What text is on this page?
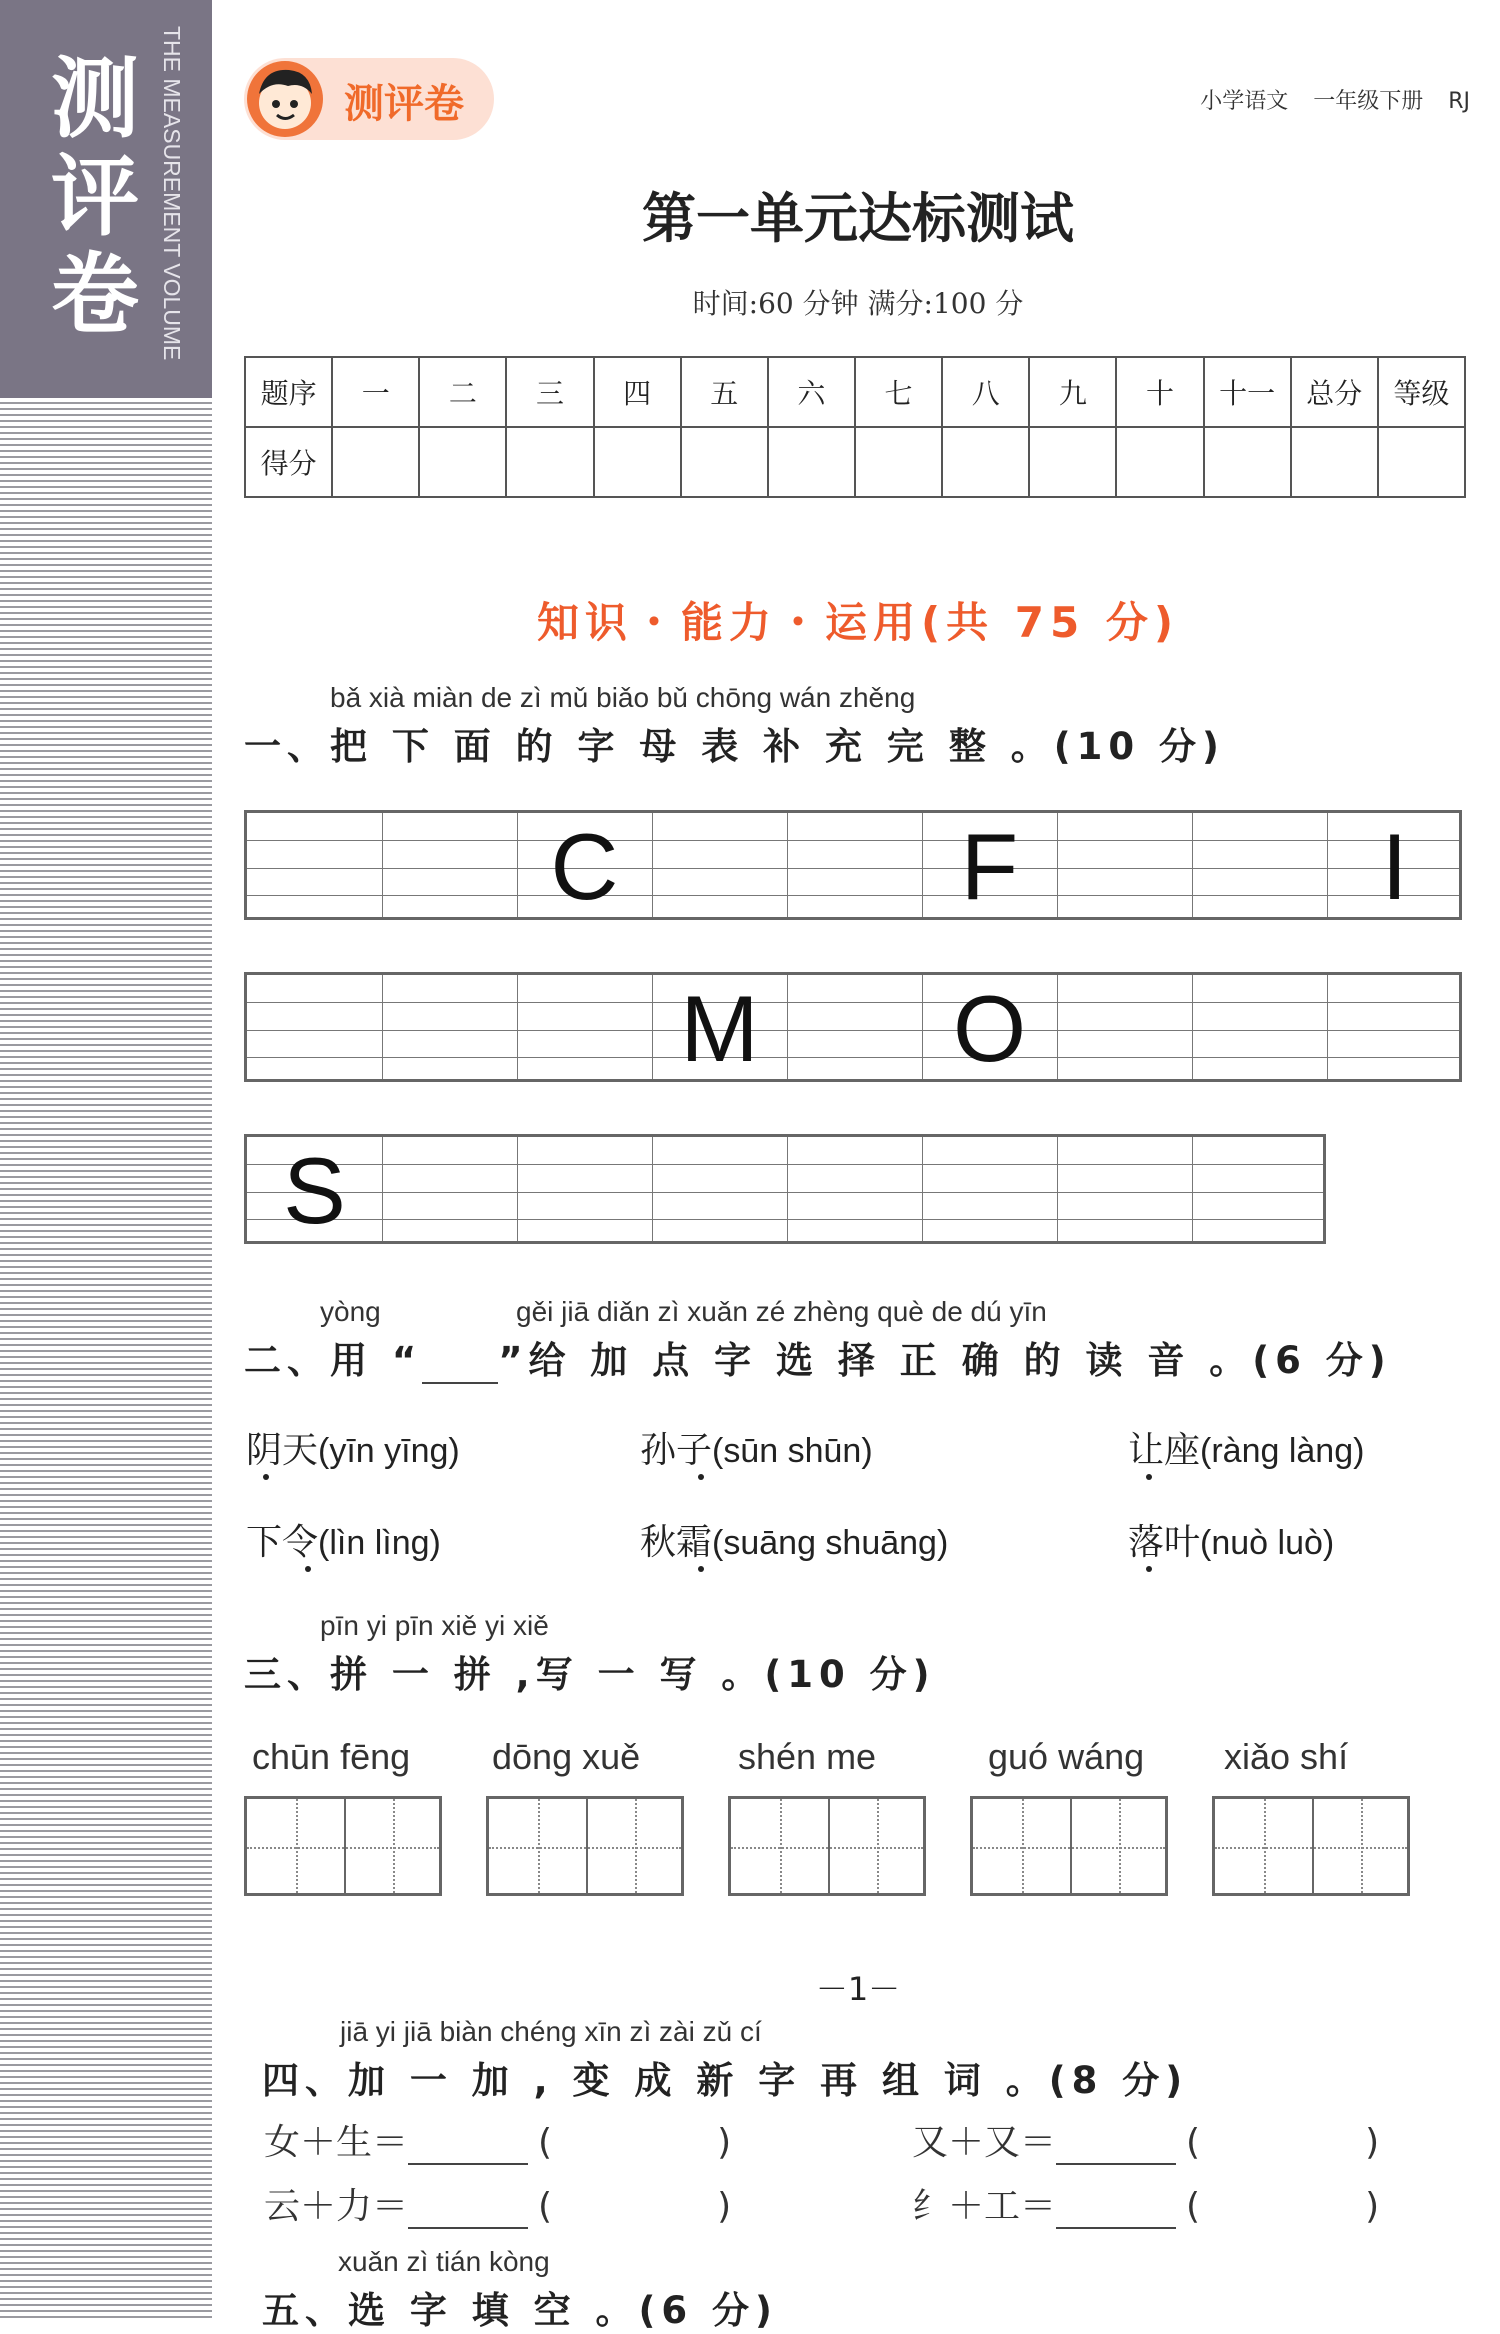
测评卷 THE MEASUREMENT VOLUME	测评卷	小学语文 一年级下册 RJ
第一单元达标测试
时间:60 分钟 满分:100 分
题序	一	二	三	四	五	六	七	八	九	十	十一	总分	等级
得分													
知识・能力・运用(共 75 分)
bǎ xià miàn de zì mǔ biǎo bǔ chōng wán zhěng
一、把 下 面 的 字 母 表 补 充 完 整 。(10 分)
C	F	I
M	O
S
yòng	gěi jiā diǎn zì xuǎn zé zhèng què de dú yīn
二、用 “ ”给 加 点 字 选 择 正 确 的 读 音 。(6 分)
阴天(yīn yīng)	孙子(sūn shūn)	让座(ràng làng)
下令(lìn lìng)	秋霜(suāng shuāng)	落叶(nuò luò)
pīn yi pīn xiě yi xiě
三、拼 一 拼 ,写 一 写 。(10 分)
chūn fēng dōng xuě	shén me	guó wáng xiǎo shí
－1－
jiā yi jiā biàn chéng xīn zì zài zǔ cí
四、加 一 加 , 变 成 新 字 再 组 词 。(8 分)
女＋生＝	(	)	又＋又＝	(	)
云＋力＝	(	)	纟＋工＝	(	)
xuǎn zì tián kòng
五、选 字 填 空 。(6 分)
